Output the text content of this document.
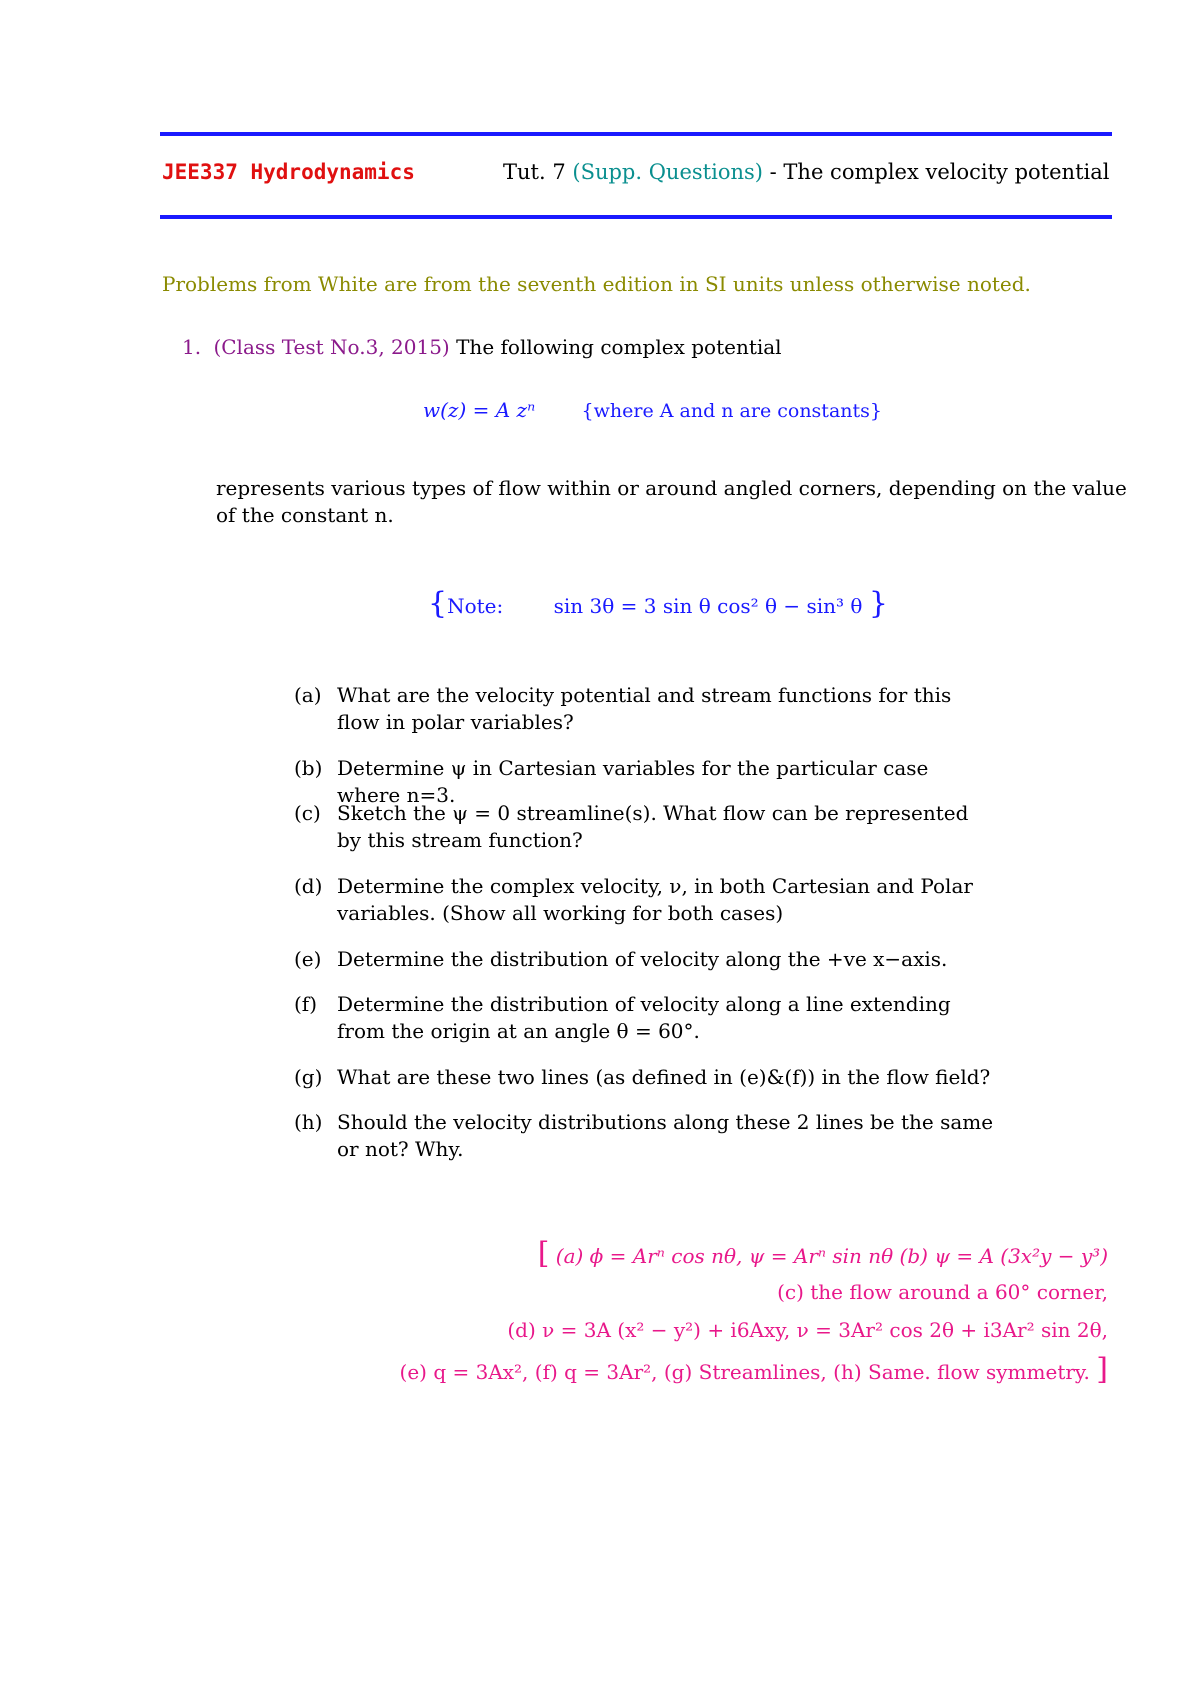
JEE337 Hydrodynamics	Tut. 7 (Supp. Questions) - The complex velocity potential
Problems from White are from the seventh edition in SI units unless otherwise noted.
1. (Class Test No.3, 2015) The following complex potential
w(z) = A zⁿ {where A and n are constants}
represents various types of flow within or around angled corners, depending on the value
of the constant n.
{Note:	sin 3θ = 3 sin θ cos² θ − sin³ θ }
(a) What are the velocity potential and stream functions for this flow in polar variables?
(b) Determine ψ in Cartesian variables for the particular case where n=3.
(c) Sketch the ψ = 0 streamline(s). What flow can be represented by this stream function?
(d) Determine the complex velocity, ν, in both Cartesian and Polar variables. (Show all working for both cases)
(e) Determine the distribution of velocity along the +ve x−axis.
(f) Determine the distribution of velocity along a line extending from the origin at an angle θ = 60°.
(g) What are these two lines (as defined in (e)&(f)) in the flow field?
(h) Should the velocity distributions along these 2 lines be the same or not? Why.
[ (a) ϕ = Arⁿ cos nθ, ψ = Arⁿ sin nθ (b) ψ = A (3x²y − y³)
(c) the flow around a 60° corner,
(d) ν = 3A (x² − y²) + i6Axy, ν = 3Ar² cos 2θ + i3Ar² sin 2θ,
(e) q = 3Ax², (f) q = 3Ar², (g) Streamlines, (h) Same. flow symmetry. ]
